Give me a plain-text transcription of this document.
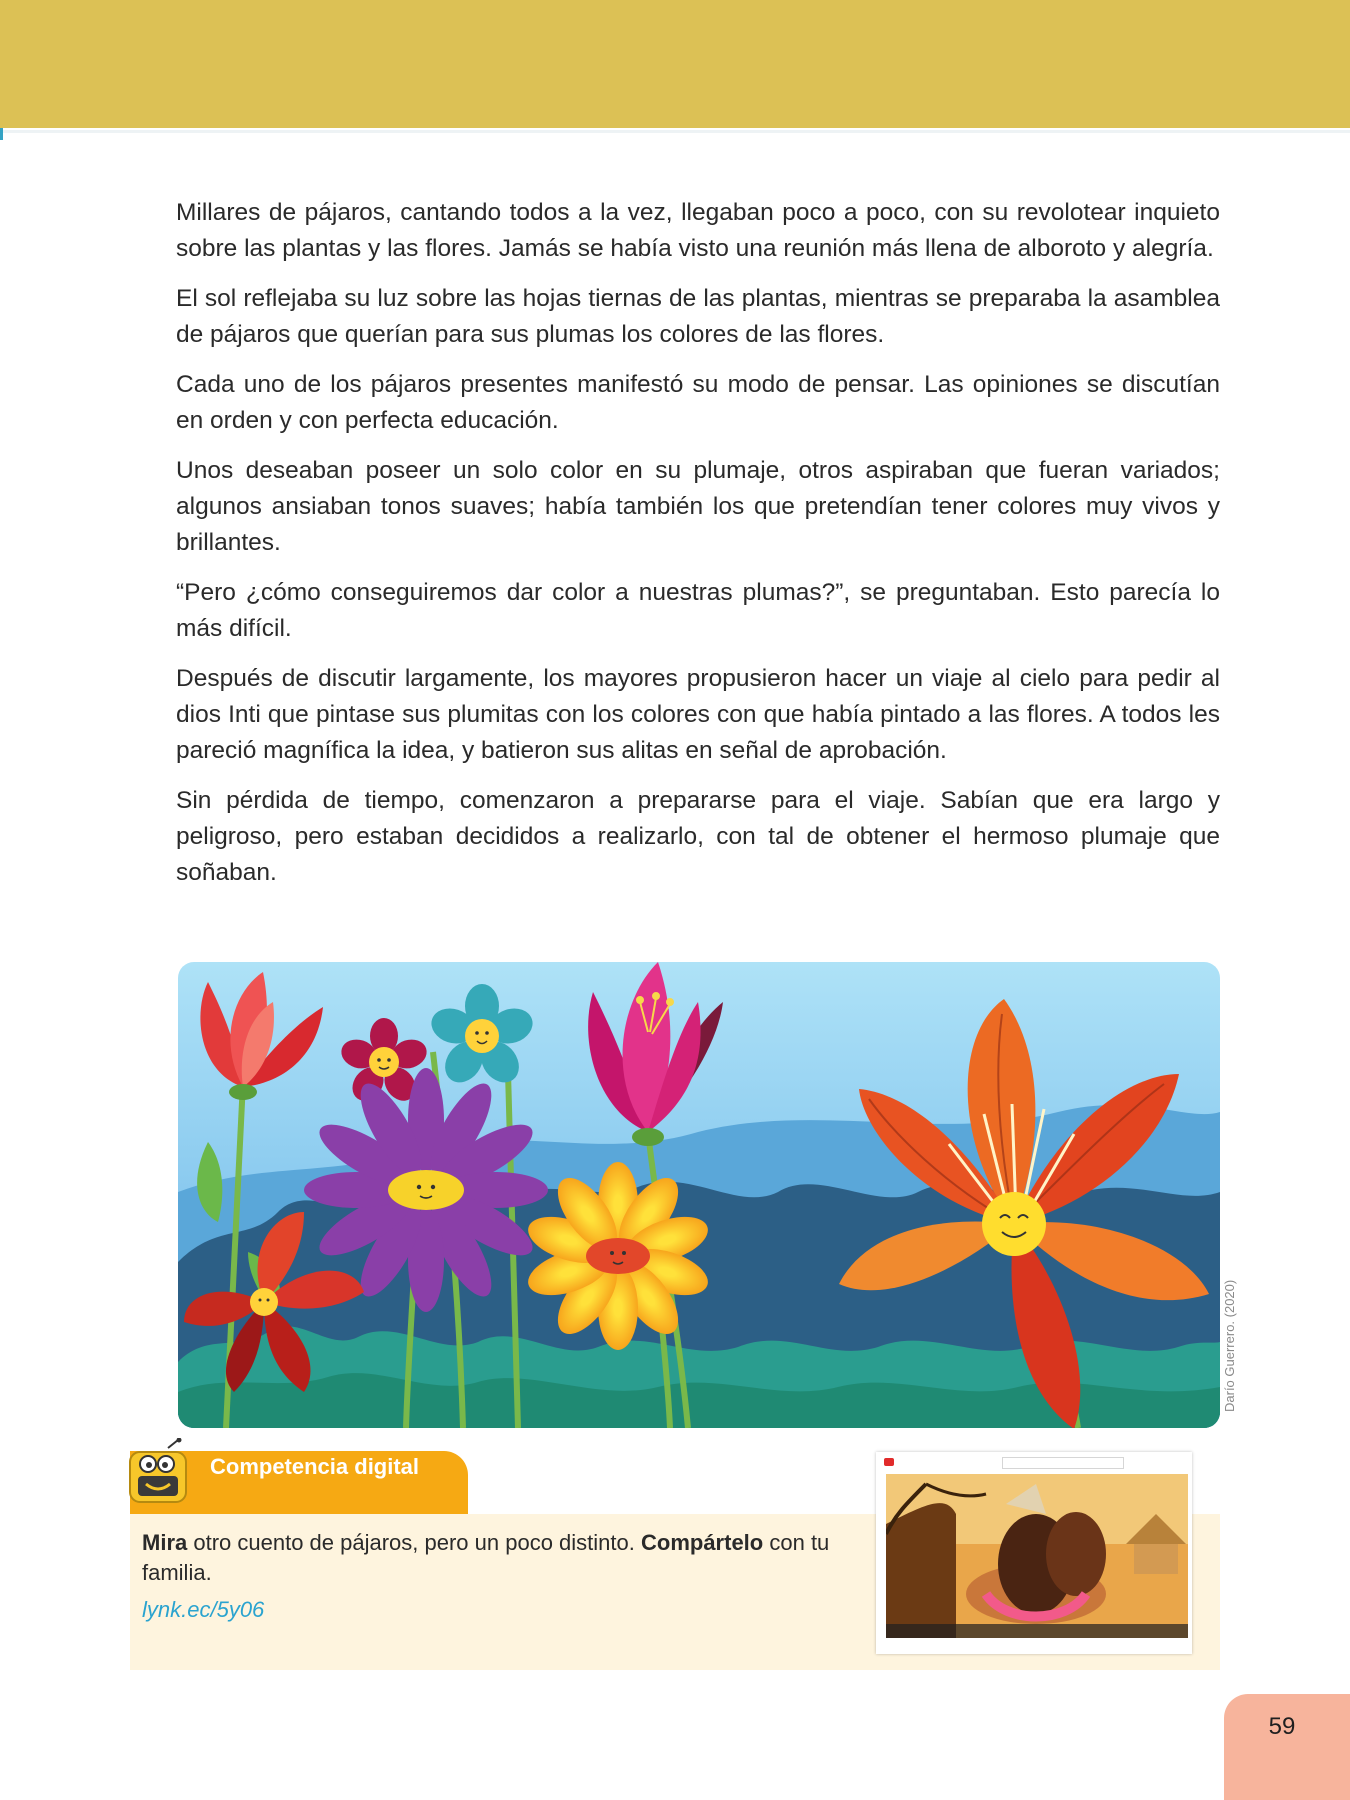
Millares de pájaros, cantando todos a la vez, llegaban poco a poco, con su revolotear inquieto sobre las plantas y las flores. Jamás se había visto una reunión más llena de alboroto y alegría.

El sol reflejaba su luz sobre las hojas tiernas de las plantas, mientras se preparaba la asamblea de pájaros que querían para sus plumas los colores de las flores.

Cada uno de los pájaros presentes manifestó su modo de pensar. Las opiniones se discutían en orden y con perfecta educación.

Unos deseaban poseer un solo color en su plumaje, otros aspiraban que fueran variados; algunos ansiaban tonos suaves; había también los que pretendían tener colores muy vivos y brillantes.

“Pero ¿cómo conseguiremos dar color a nuestras plumas?”, se preguntaban. Esto parecía lo más difícil.

Después de discutir largamente, los mayores propusieron hacer un viaje al cielo para pedir al dios Inti que pintase sus plumitas con los colores con que había pintado a las flores. A todos les pareció magnífica la idea, y batieron sus alitas en señal de aprobación.

Sin pérdida de tiempo, comenzaron a prepararse para el viaje. Sabían que era largo y peligroso, pero estaban decididos a realizarlo, con tal de obtener el hermoso plumaje que soñaban.

Darío Guerrero. (2020)
Competencia digital
Mira otro cuento de pájaros, pero un poco distinto. Compártelo con tu familia.
lynk.ec/5y06
59
